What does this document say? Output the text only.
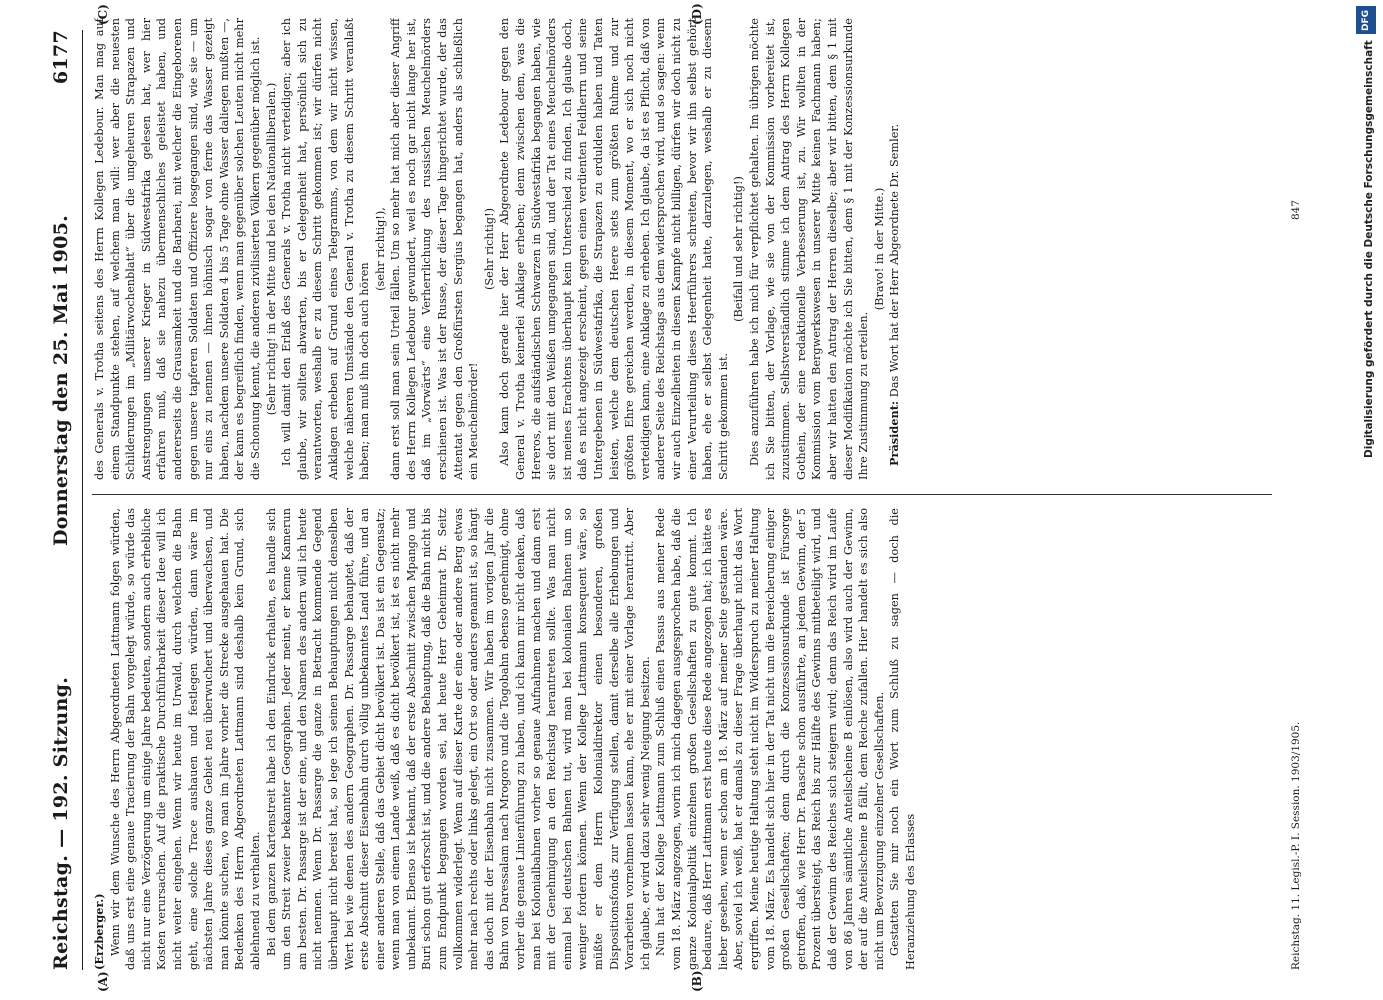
Reichstag. — 192. Sitzung.
Donnerstag den 25. Mai 1905.
6177
(A)	(B)
(C)	(D)

(Erzberger.) Wenn wir dem Wunsche des Herrn Abgeordneten Lattmann folgen würden, daß uns erst eine genaue Tracierung der Bahn vorgelegt würde, so würde das nicht nur eine Verzögerung um einige Jahre bedeuten, sondern auch erhebliche Kosten verursachen. Auf die praktische Durchführbarkeit dieser Idee will ich nicht weiter eingehen. Wenn wir heute im Urwald, durch welchen die Bahn geht, eine solche Trace aushauen und festlegen würden, dann wäre im nächsten Jahre dieses ganze Gebiet neu überwuchert und überwachsen, und man könnte suchen, wo man im Jahre vorher die Strecke ausgehauen hat. Die Bedenken des Herrn Abgeordneten Lattmann sind deshalb kein Grund, sich ablehnend zu verhalten. Bei dem ganzen Kartenstreit habe ich den Eindruck erhalten, es handle sich um den Streit zweier bekannter Geographen. Jeder meint, er kenne Kamerun am besten. Dr. Passarge ist der eine, und den Namen des andern will ich heute nicht nennen. Wenn Dr. Passarge die ganze in Betracht kommende Gegend überhaupt nicht bereist hat, so lege ich seinen Behauptungen nicht denselben Wert bei wie denen des andern Geographen. Dr. Passarge behauptet, daß der erste Abschnitt dieser Eisenbahn durch völlig unbekanntes Land führe, und an einer anderen Stelle, daß das Gebiet dicht bevölkert ist. Das ist ein Gegensatz; wenn man von einem Lande weiß, daß es dicht bevölkert ist, ist es nicht mehr unbekannt. Ebenso ist bekannt, daß der erste Abschnitt zwischen Mpango und Buri schon gut erforscht ist, und die andere Behauptung, daß die Bahn nicht bis zum Endpunkt begangen worden sei, hat heute Herr Geheimrat Dr. Seitz vollkommen widerlegt. Wenn auf dieser Karte der eine oder andere Berg etwas mehr nach rechts oder links gelegt, ein Ort so oder anders genannt ist, so hängt das doch mit der Eisenbahn nicht zusammen. Wir haben im vorigen Jahr die Bahn von Daressalam nach Mrogoro und die Togobahn ebenso genehmigt, ohne vorher die genaue Linienführung zu haben, und ich kann mir nicht denken, daß man bei Kolonialbahnen vorher so genaue Aufnahmen machen und dann erst mit der Genehmigung an den Reichstag herantreten sollte. Was man nicht einmal bei deutschen Bahnen tut, wird man bei kolonialen Bahnen um so weniger fordern können. Wenn der Kollege Lattmann konsequent wäre, so müßte er dem Herrn Kolonialdirektor einen besonderen, großen Dispositionsfonds zur Verfügung stellen, damit derselbe alle Erhebungen und Vorarbeiten vornehmen lassen kann, ehe er mit einer Vorlage herantritt. Aber ich glaube, er wird dazu sehr wenig Neigung besitzen. Nun hat der Kollege Lattmann zum Schluß einen Passus aus meiner Rede vom 18. März angezogen, worin ich mich dagegen ausgesprochen habe, daß die ganze Kolonialpolitik einzelnen großen Gesellschaften zu gute kommt. Ich bedaure, daß Herr Lattmann erst heute diese Rede angezogen hat; ich hätte es lieber gesehen, wenn er schon am 18. März auf meiner Seite gestanden wäre. Aber, soviel ich weiß, hat er damals zu dieser Frage überhaupt nicht das Wort ergriffen. Meine heutige Haltung steht nicht im Widerspruch zu meiner Haltung vom 18. März. Es handelt sich hier in der Tat nicht um die Bereicherung einiger großen Gesellschaften; denn durch die Konzessionsurkunde ist Fürsorge getroffen, daß, wie Herr Dr. Paasche schon ausführte, an jedem Gewinn, der 5 Prozent übersteigt, das Reich bis zur Hälfte des Gewinns mitbeteiligt wird, und daß der Gewinn des Reiches sich steigern wird; denn das Reich wird im Laufe von 86 Jahren sämtliche Anteilscheine B einlösen, also wird auch der Gewinn, der auf die Anteilscheine B fällt, dem Reiche zufallen. Hier handelt es sich also nicht um Bevorzugung einzelner Gesellschaften. Gestatten Sie mir noch ein Wort zum Schluß zu sagen — doch die Heranziehung des Erlasses

des Generals v. Trotha seitens des Herrn Kollegen Ledebour. Man mag auf einem Standpunkte stehen, auf welchem man will: wer aber die neuesten Schilderungen im „Militärwochenblatt“ über die ungeheuren Strapazen und Anstrengungen unserer Krieger in Südwestafrika gelesen hat, wer hier erfahren muß, daß sie nahezu übermenschliches geleistet haben, und andererseits die Grausamkeit und die Barbarei, mit welcher die Eingeborenen gegen unsere tapferen Soldaten und Offiziere losgegangen sind, wie sie — um nur eins zu nennen — ihnen höhnisch sogar von ferne das Wasser gezeigt haben, nachdem unsere Soldaten 4 bis 5 Tage ohne Wasser daliegen mußten —, der kann es begreiflich finden, wenn man gegenüber solchen Leuten nicht mehr die Schonung kennt, die anderen zivilisierten Völkern gegenüber möglich ist. (Sehr richtig! in der Mitte und bei den Nationalliberalen.) Ich will damit den Erlaß des Generals v. Trotha nicht verteidigen; aber ich glaube, wir sollten abwarten, bis er Gelegenheit hat, persönlich sich zu verantworten, weshalb er zu diesem Schritt gekommen ist; wir dürfen nicht Anklagen erheben auf Grund eines Telegramms, von dem wir nicht wissen, welche näheren Umstände den General v. Trotha zu diesem Schritt veranlaßt haben; man muß ihn doch auch hören

(sehr richtig!), dann erst soll man sein Urteil fällen. Um so mehr hat mich aber dieser Angriff des Herrn Kollegen Ledebour gewundert, weil es noch gar nicht lange her ist, daß im „Vorwärts“ eine Verherrlichung des russischen Meuchelmörders erschienen ist. Was ist der Russe, der dieser Tage hingerichtet wurde, der das Attentat gegen den Großfürsten Sergius begangen hat, anders als schließlich ein Meuchelmörder!

(Sehr richtig!) Also kann doch gerade hier der Herr Abgeordnete Ledebour gegen den General v. Trotha keinerlei Anklage erheben; denn zwischen dem, was die Hereros, die aufständischen Schwarzen in Südwestafrika begangen haben, wie sie dort mit den Weißen umgegangen sind, und der Tat eines Meuchelmörders ist meines Erachtens überhaupt kein Unterschied zu finden. Ich glaube doch, daß es nicht angezeigt erscheint, gegen einen verdienten Feldherrn und seine Untergebenen in Südwestafrika, die Strapazen zu erdulden haben und Taten leisten, welche dem deutschen Heere stets zum größten Ruhme und zur größten Ehre gereichen werden, in diesem Moment, wo er sich noch nicht verteidigen kann, eine Anklage zu erheben. Ich glaube, da ist es Pflicht, daß von anderer Seite des Reichstags aus dem widersprochen wird, und so sagen: wenn wir auch Einzelheiten in diesem Kampfe nicht billigen, dürfen wir doch nicht zu einer Verurteilung dieses Heerführers schreiten, bevor wir ihn selbst gehört haben, ehe er selbst Gelegenheit hatte, darzulegen, weshalb er zu diesem Schritt gekommen ist.

(Beifall und sehr richtig!) Dies anzuführen habe ich mich für verpflichtet gehalten. Im übrigen möchte ich Sie bitten, der Vorlage, wie sie von der Kommission vorbereitet ist, zuzustimmen. Selbstverständlich stimme ich dem Antrag des Herrn Kollegen Gothein, der eine redaktionelle Verbesserung ist, zu. Wir wollten in der Kommission vom Bergwerkswesen in unserer Mitte keinen Fachmann haben; aber wir hatten den Antrag der Herren dieselbe; aber wir bitten, dem § 1 mit dieser Modifikation möchte ich Sie bitten, dem § 1 mit der Konzessionsurkunde Ihre Zustimmung zu erteilen.

(Bravo! in der Mitte.)

Präsident: Das Wort hat der Herr Abgeordnete Dr. Semler.

Reichstag. 11. Legisl.-P. I. Session. 1903/1905.
847
DFG
Digitalisierung gefördert durch die Deutsche Forschungsgemeinschaft
